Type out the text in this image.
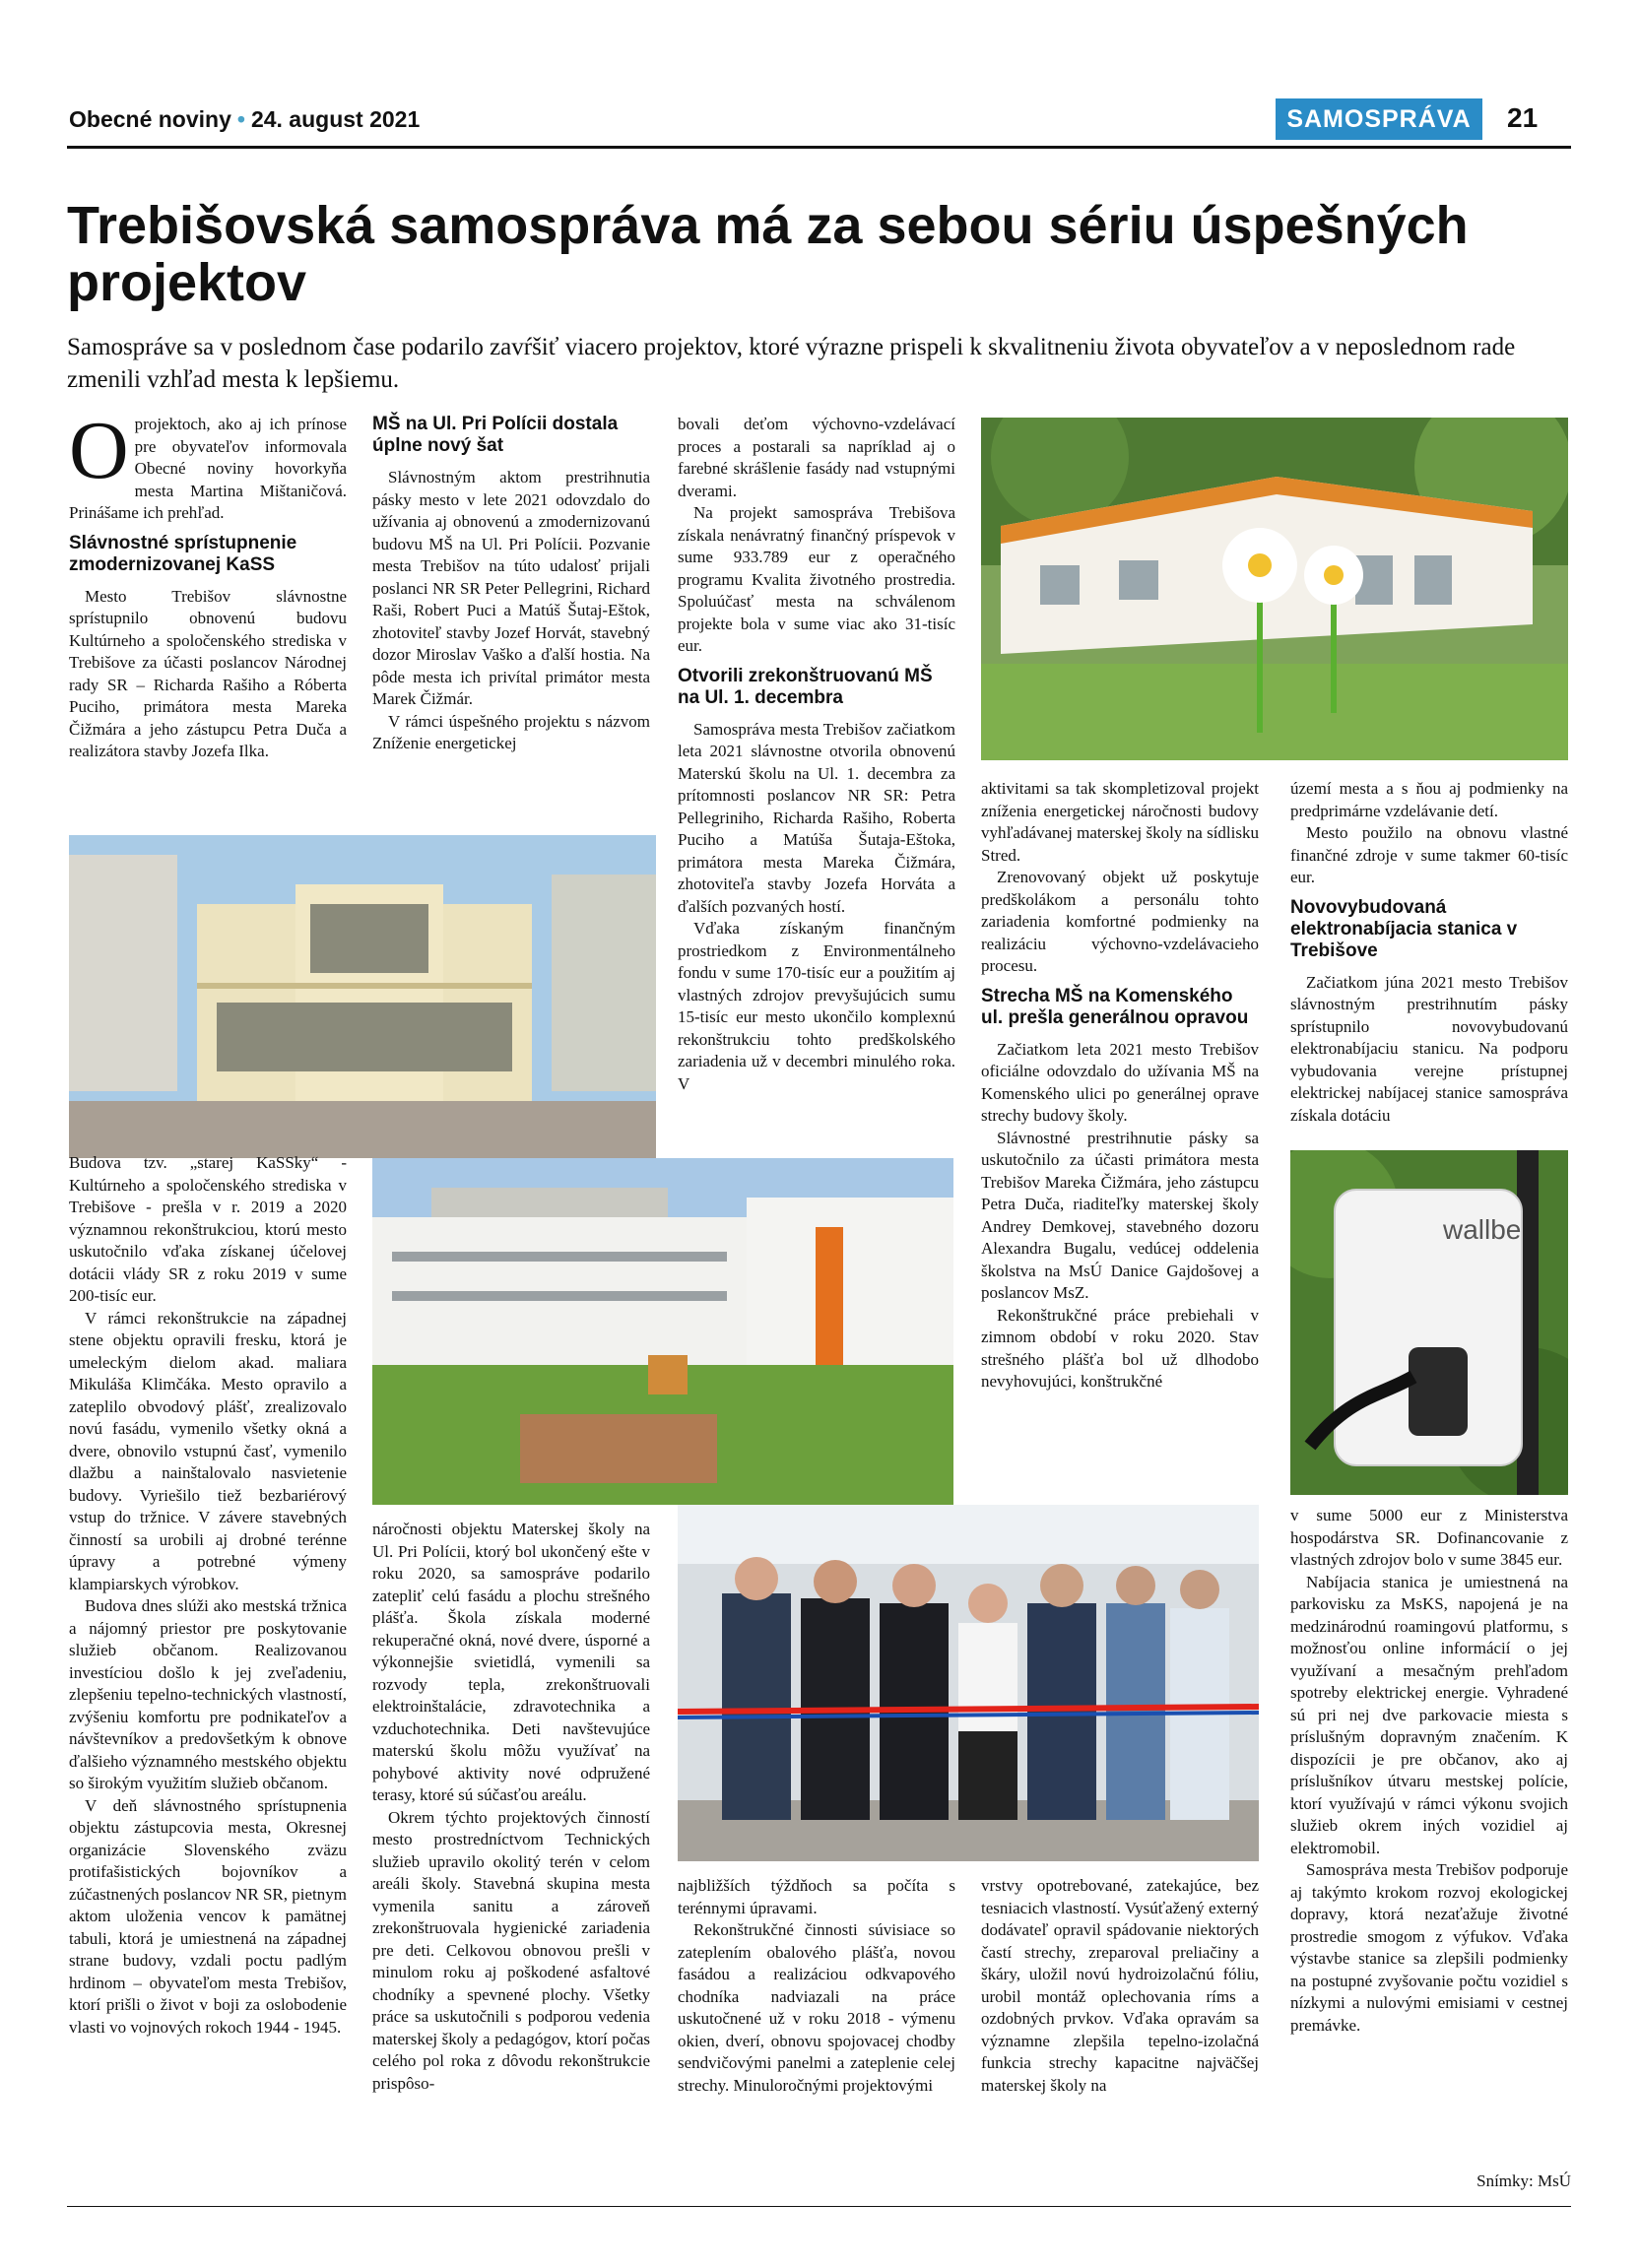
Obecné noviny • 24. august 2021	SAMOSPRÁVA	21
Trebišovská samospráva má za sebou sériu úspešných projektov
Samospráve sa v poslednom čase podarilo zavŕšiť viacero projektov, ktoré výrazne prispeli k skvalitneniu života obyvateľov a v neposlednom rade zmenili vzhľad mesta k lepšiemu.

Oprojektoch, ako aj ich prínose pre obyvateľov informovala Obecné noviny hovorkyňa mesta Martina Mištaničová. Prinášame ich prehľad.

Slávnostné sprístupnenie zmodernizovanej KaSS

Mesto Trebišov slávnostne sprístupnilo obnovenú budovu Kultúrneho a spoločenského strediska v Trebišove za účasti poslancov Národnej rady SR – Richarda Rašiho a Róberta Puciho, primátora mesta Mareka Čižmára a jeho zástupcu Petra Duča a realizátora stavby Jozefa Ilka.

MŠ na Ul. Pri Polícii dostala úplne nový šat

Slávnostným aktom prestrihnutia pásky mesto v lete 2021 odovzdalo do užívania aj obnovenú a zmodernizovanú budovu MŠ na Ul. Pri Polícii. Pozvanie mesta Trebišov na túto udalosť prijali poslanci NR SR Peter Pellegrini, Richard Raši, Robert Puci a Matúš Šutaj-Eštok, zhotoviteľ stavby Jozef Horvát, stavebný dozor Miroslav Vaško a ďalší hostia. Na pôde mesta ich privítal primátor mesta Marek Čižmár.

V rámci úspešného projektu s názvom Zníženie energetickej

bovali deťom výchovno-vzdelávací proces a postarali sa napríklad aj o farebné skrášlenie fasády nad vstupnými dverami.

Na projekt samospráva Trebišova získala nenávratný finančný príspevok v sume 933.789 eur z operačného programu Kvalita životného prostredia. Spoluúčasť mesta na schválenom projekte bola v sume viac ako 31-tisíc eur.

Otvorili zrekonštruovanú MŠ na Ul. 1. decembra

Samospráva mesta Trebišov začiatkom leta 2021 slávnostne otvorila obnovenú Materskú školu na Ul. 1. decembra za prítomnosti poslancov NR SR: Petra Pellegriniho, Richarda Rašiho, Roberta Puciho a Matúša Šutaja-Eštoka, primátora mesta Mareka Čižmára, zhotoviteľa stavby Jozefa Horváta a ďalších pozvaných hostí.

Vďaka získaným finančným prostriedkom z Environmentálneho fondu v sume 170-tisíc eur a použitím aj vlastných zdrojov prevyšujúcich sumu 15-tisíc eur mesto ukončilo komplexnú rekonštrukciu tohto predškolského zariadenia už v decembri minulého roka. V

aktivitami sa tak skompletizoval projekt zníženia energetickej náročnosti budovy vyhľadávanej materskej školy na sídlisku Stred.

Zrenovovaný objekt už poskytuje predškolákom a personálu tohto zariadenia komfortné podmienky na realizáciu výchovno-vzdelávacieho procesu.

Strecha MŠ na Komenského ul. prešla generálnou opravou

Začiatkom leta 2021 mesto Trebišov oficiálne odovzdalo do užívania MŠ na Komenského ulici po generálnej oprave strechy budovy školy.

Slávnostné prestrihnutie pásky sa uskutočnilo za účasti primátora mesta Trebišov Mareka Čižmára, jeho zástupcu Petra Duča, riaditeľky materskej školy Andrey Demkovej, stavebného dozoru Alexandra Bugalu, vedúcej oddelenia školstva na MsÚ Danice Gajdošovej a poslancov MsZ.

Rekonštrukčné práce prebiehali v zimnom období v roku 2020. Stav strešného plášťa bol už dlhodobo nevyhovujúci, konštrukčné

území mesta a s ňou aj podmienky na predprimárne vzdelávanie detí.

Mesto použilo na obnovu vlastné finančné zdroje v sume takmer 60-tisíc eur.

Novovybudovaná elektronabíjacia stanica v Trebišove

Začiatkom júna 2021 mesto Trebišov slávnostným prestrihnutím pásky sprístupnilo novovybudovanú elektronabíjaciu stanicu. Na podporu vybudovania verejne prístupnej elektrickej nabíjacej stanice samospráva získala dotáciu

wallbe

Budova tzv. „starej KaSSky“ - Kultúrneho a spoločenského strediska v Trebišove - prešla v r. 2019 a 2020 významnou rekonštrukciou, ktorú mesto uskutočnilo vďaka získanej účelovej dotácii vlády SR z roku 2019 v sume 200-tisíc eur.

V rámci rekonštrukcie na západnej stene objektu opravili fresku, ktorá je umeleckým dielom akad. maliara Mikuláša Klimčáka. Mesto opravilo a zateplilo obvodový plášť, zrealizovalo novú fasádu, vymenilo všetky okná a dvere, obnovilo vstupnú časť, vymenilo dlažbu a nainštalovalo nasvietenie budovy. Vyriešilo tiež bezbariérový vstup do tržnice. V závere stavebných činností sa urobili aj drobné terénne úpravy a potrebné výmeny klampiarskych výrobkov.

Budova dnes slúži ako mestská tržnica a nájomný priestor pre poskytovanie služieb občanom. Realizovanou investíciou došlo k jej zveľadeniu, zlepšeniu tepelno-technických vlastností, zvýšeniu komfortu pre podnikateľov a návštevníkov a predovšetkým k obnove ďalšieho významného mestského objektu so širokým využitím služieb občanom.

V deň slávnostného sprístupnenia objektu zástupcovia mesta, Okresnej organizácie Slovenského zväzu protifašistických bojovníkov a zúčastnených poslancov NR SR, pietnym aktom uloženia vencov k pamätnej tabuli, ktorá je umiestnená na západnej strane budovy, vzdali poctu padlým hrdinom – obyvateľom mesta Trebišov, ktorí prišli o život v boji za oslobodenie vlasti vo vojnových rokoch 1944 - 1945.

náročnosti objektu Materskej školy na Ul. Pri Polícii, ktorý bol ukončený ešte v roku 2020, sa samospráve podarilo zatepliť celú fasádu a plochu strešného plášťa. Škola získala moderné rekuperačné okná, nové dvere, úsporné a výkonnejšie svietidlá, vymenili sa rozvody tepla, zrekonštruovali elektroinštalácie, zdravotechnika a vzduchotechnika. Deti navštevujúce materskú školu môžu využívať na pohybové aktivity nové odpružené terasy, ktoré sú súčasťou areálu.

Okrem týchto projektových činností mesto prostredníctvom Technických služieb upravilo okolitý terén v celom areáli školy. Stavebná skupina mesta vymenila sanitu a zároveň zrekonštruovala hygienické zariadenia pre deti. Celkovou obnovou prešli v minulom roku aj poškodené asfaltové chodníky a spevnené plochy. Všetky práce sa uskutočnili s podporou vedenia materskej školy a pedagógov, ktorí počas celého pol roka z dôvodu rekonštrukcie prispôso-

v sume 5000 eur z Ministerstva hospodárstva SR. Dofinancovanie z vlastných zdrojov bolo v sume 3845 eur.

Nabíjacia stanica je umiestnená na parkovisku za MsKS, napojená je na medzinárodnú roamingovú platformu, s možnosťou online informácií o jej využívaní a mesačným prehľadom spotreby elektrickej energie. Vyhradené sú pri nej dve parkovacie miesta s príslušným dopravným značením. K dispozícii je pre občanov, ako aj príslušníkov útvaru mestskej polície, ktorí využívajú v rámci výkonu svojich služieb okrem iných vozidiel aj elektromobil.

Samospráva mesta Trebišov podporuje aj takýmto krokom rozvoj ekologickej dopravy, ktorá nezaťažuje životné prostredie smogom z výfukov. Vďaka výstavbe stanice sa zlepšili podmienky na postupné zvyšovanie počtu vozidiel s nízkymi a nulovými emisiami v cestnej premávke.

najbližších týždňoch sa počíta s terénnymi úpravami.

Rekonštrukčné činnosti súvisiace so zateplením obalového plášťa, novou fasádou a realizáciou odkvapového chodníka nadviazali na práce uskutočnené už v roku 2018 - výmenu okien, dverí, obnovu spojovacej chodby sendvičovými panelmi a zateplenie celej strechy. Minuloročnými projektovými

vrstvy opotrebované, zatekajúce, bez tesniacich vlastností. Vysúťažený externý dodávateľ opravil spádovanie niektorých častí strechy, zreparoval preliačiny a škáry, uložil novú hydroizolačnú fóliu, urobil montáž oplechovania ríms a ozdobných prvkov. Vďaka opravám sa významne zlepšila tepelno-izolačná funkcia strechy kapacitne najväčšej materskej školy na

Snímky: MsÚ
